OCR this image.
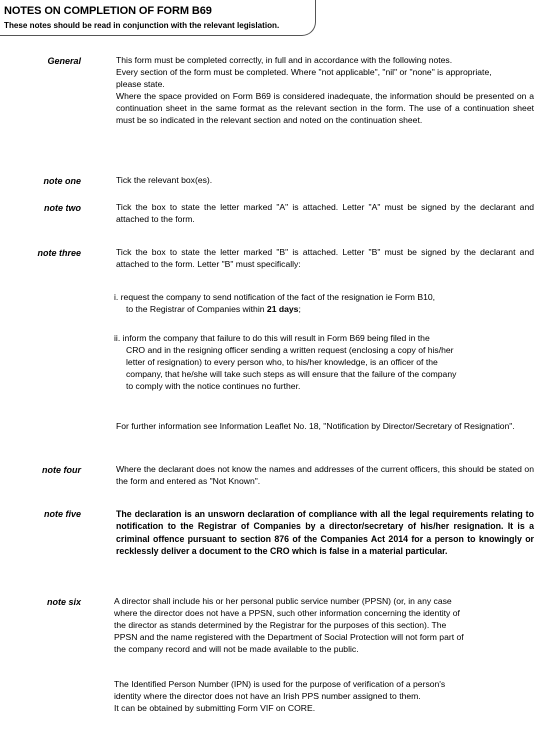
NOTES ON COMPLETION OF FORM B69
These notes should be read in conjunction with the relevant legislation.
General	This form must be completed correctly, in full and in accordance with the following notes.
Every section of the form must be completed. Where "not applicable", "nil" or "none" is appropriate,
please state.

Where the space provided on Form B69 is considered inadequate, the information should be presented on a continuation sheet in the same format as the relevant section in the form. The use of a continuation sheet must be so indicated in the relevant section and noted on the continuation sheet.

note one	Tick the relevant box(es).
note two	Tick the box to state the letter marked "A" is attached. Letter "A" must be signed by the declarant and attached to the form.
note three	Tick the box to state the letter marked "B" is attached. Letter "B" must be signed by the declarant and attached to the form. Letter "B" must specifically:
i. request the company to send notification of the fact of the resignation ie Form B10,
to the Registrar of Companies within 21 days;
ii. inform the company that failure to do this will result in Form B69 being filed in the
CRO and in the resigning officer sending a written request (enclosing a copy of his/her
letter of resignation) to every person who, to his/her knowledge, is an officer of the
company, that he/she will take such steps as will ensure that the failure of the company
to comply with the notice continues no further.
For further information see Information Leaflet No. 18, "Notification by Director/Secretary of Resignation".
note four	Where the declarant does not know the names and addresses of the current officers, this should be stated on the form and entered as "Not Known".
note five	The declaration is an unsworn declaration of compliance with all the legal requirements relating to notification to the Registrar of Companies by a director/secretary of his/her resignation. It is a criminal offence pursuant to section 876 of the Companies Act 2014 for a person to knowingly or recklessly deliver a document to the CRO which is false in a material particular.
note six	A director shall include his or her personal public service number (PPSN) (or, in any case
where the director does not have a PPSN, such other information concerning the identity of
the director as stands determined by the Registrar for the purposes of this section). The
PPSN and the name registered with the Department of Social Protection will not form part of
the company record and will not be made available to the public.
The Identified Person Number (IPN) is used for the purpose of verification of a person's
identity where the director does not have an Irish PPS number assigned to them.
It can be obtained by submitting Form VIF on CORE.
